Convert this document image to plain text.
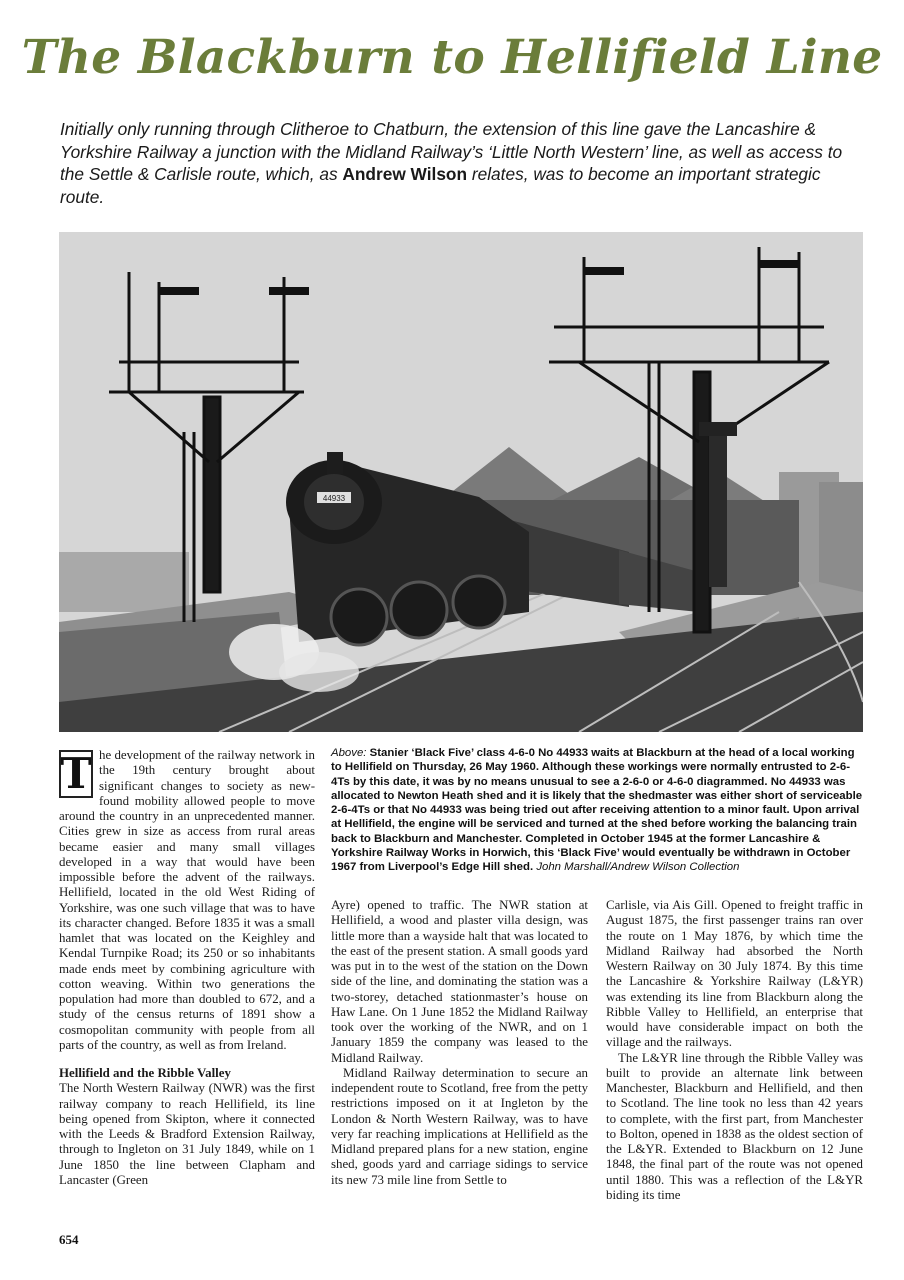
The Blackburn to Hellifield Line

Initially only running through Clitheroe to Chatburn, the extension of this line gave the Lancashire & Yorkshire Railway a junction with the Midland Railway’s ‘Little North Western’ line, as well as access to the Settle & Carlisle route, which, as Andrew Wilson relates, was to become an important strategic route.

44933

Above: Stanier ‘Black Five’ class 4-6-0 No 44933 waits at Blackburn at the head of a local working to Hellifield on Thursday, 26 May 1960. Although these workings were normally entrusted to 2-6-4Ts by this date, it was by no means unusual to see a 2-6-0 or 4-6-0 diagrammed. No 44933 was allocated to Newton Heath shed and it is likely that the shedmaster was either short of serviceable 2-6-4Ts or that No 44933 was being tried out after receiving attention to a minor fault. Upon arrival at Hellifield, the engine will be serviced and turned at the shed before working the balancing train back to Blackburn and Manchester. Completed in October 1945 at the former Lancashire & Yorkshire Railway Works in Horwich, this ‘Black Five’ would eventually be withdrawn in October 1967 from Liverpool’s Edge Hill shed. John Marshall/Andrew Wilson Collection

T he development of the railway network in the 19th century brought about significant changes to society as new-found mobility allowed people to move around the country in an unprecedented manner. Cities grew in size as access from rural areas became easier and many small villages developed in a way that would have been impossible before the advent of the railways. Hellifield, located in the old West Riding of Yorkshire, was one such village that was to have its character changed. Before 1835 it was a small hamlet that was located on the Keighley and Kendal Turnpike Road; its 250 or so inhabitants made ends meet by combining agriculture with cotton weaving. Within two generations the population had more than doubled to 672, and a study of the census returns of 1891 show a cosmopolitan community with people from all parts of the country, as well as from Ireland.

Hellifield and the Ribble Valley

The North Western Railway (NWR) was the first railway company to reach Hellifield, its line being opened from Skipton, where it connected with the Leeds & Bradford Extension Railway, through to Ingleton on 31 July 1849, while on 1 June 1850 the line between Clapham and Lancaster (Green

Ayre) opened to traffic. The NWR station at Hellifield, a wood and plaster villa design, was little more than a wayside halt that was located to the east of the present station. A small goods yard was put in to the west of the station on the Down side of the line, and dominating the station was a two-storey, detached stationmaster’s house on Haw Lane. On 1 June 1852 the Midland Railway took over the working of the NWR, and on 1 January 1859 the company was leased to the Midland Railway.

Midland Railway determination to secure an independent route to Scotland, free from the petty restrictions imposed on it at Ingleton by the London & North Western Railway, was to have very far reaching implications at Hellifield as the Midland prepared plans for a new station, engine shed, goods yard and carriage sidings to service its new 73 mile line from Settle to

Carlisle, via Ais Gill. Opened to freight traffic in August 1875, the first passenger trains ran over the route on 1 May 1876, by which time the Midland Railway had absorbed the North Western Railway on 30 July 1874. By this time the Lancashire & Yorkshire Railway (L&YR) was extending its line from Blackburn along the Ribble Valley to Hellifield, an enterprise that would have considerable impact on both the village and the railways.

The L&YR line through the Ribble Valley was built to provide an alternate link between Manchester, Blackburn and Hellifield, and then to Scotland. The line took no less than 42 years to complete, with the first part, from Manchester to Bolton, opened in 1838 as the oldest section of the L&YR. Extended to Blackburn on 12 June 1848, the final part of the route was not opened until 1880. This was a reflection of the L&YR biding its time

654
